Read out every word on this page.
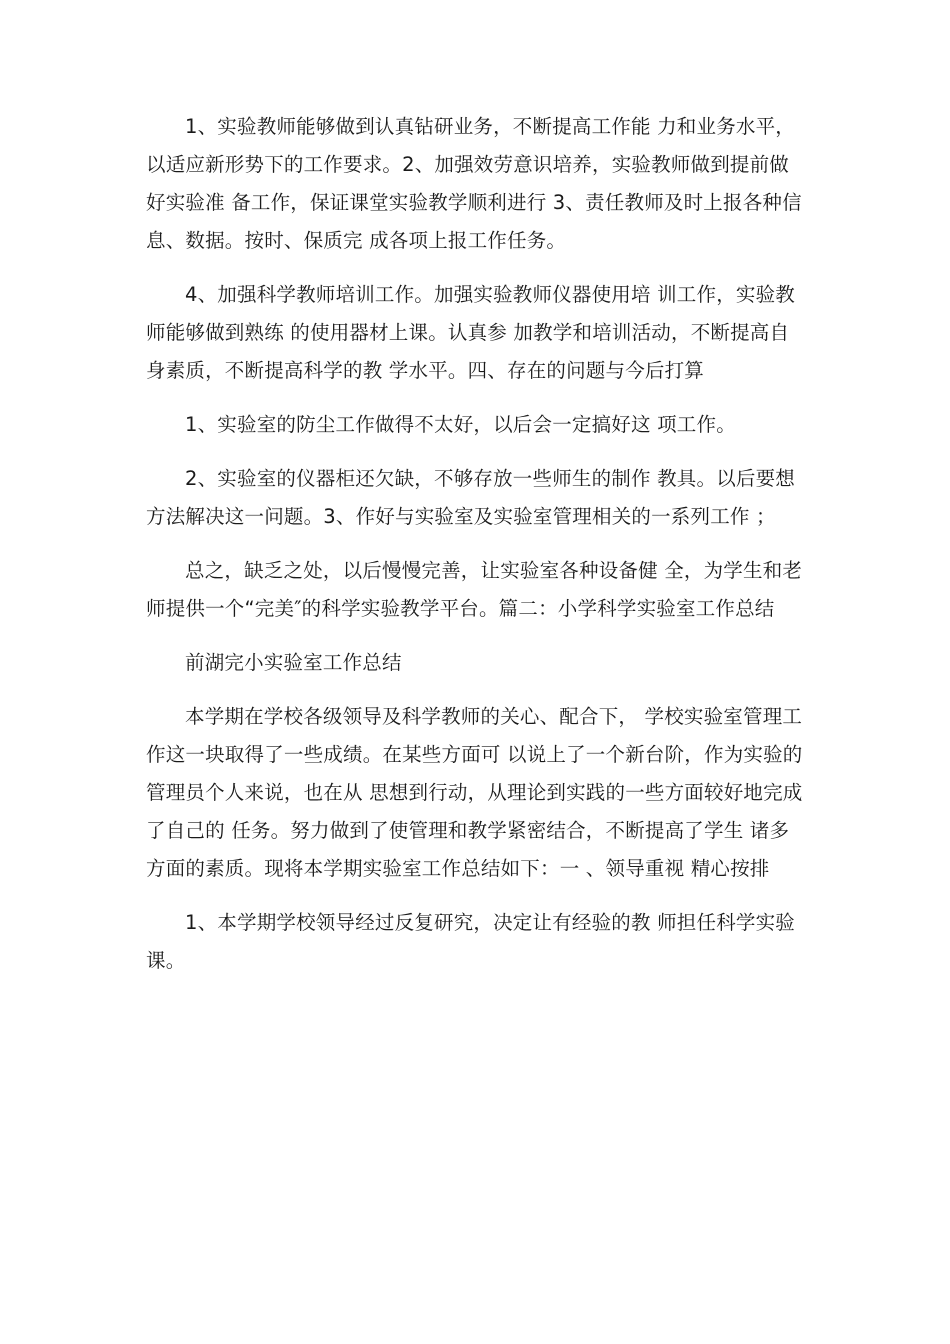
1、实验教师能够做到认真钻研业务，不断提高工作能 力和业务水平，以适应新形势下的工作要求。2、加强效劳意识培养，实验教师做到提前做好实验准 备工作，保证课堂实验教学顺利进行 3、责任教师及时上报各种信息、数据。按时、保质完 成各项上报工作任务。

4、加强科学教师培训工作。加强实验教师仪器使用培 训工作，实验教师能够做到熟练 的使用器材上课。认真参 加教学和培训活动，不断提高自身素质，不断提高科学的教 学水平。四、存在的问题与今后打算

1、实验室的防尘工作做得不太好，以后会一定搞好这 项工作。

2、实验室的仪器柜还欠缺，不够存放一些师生的制作 教具。以后要想方法解决这一问题。3、作好与实验室及实验室管理相关的一系列工作 ；

总之，缺乏之处，以后慢慢完善，让实验室各种设备健 全，为学生和老师提供一个“完美″的科学实验教学平台。篇二：小学科学实验室工作总结

前湖完小实验室工作总结

本学期在学校各级领导及科学教师的关心、配合下， 学校实验室管理工作这一块取得了一些成绩。在某些方面可 以说上了一个新台阶，作为实验的管理员个人来说，也在从 思想到行动，从理论到实践的一些方面较好地完成了自己的 任务。努力做到了使管理和教学紧密结合，不断提高了学生 诸多方面的素质。现将本学期实验室工作总结如下：一 、领导重视 精心按排

1、本学期学校领导经过反复研究，决定让有经验的教 师担任科学实验课。
